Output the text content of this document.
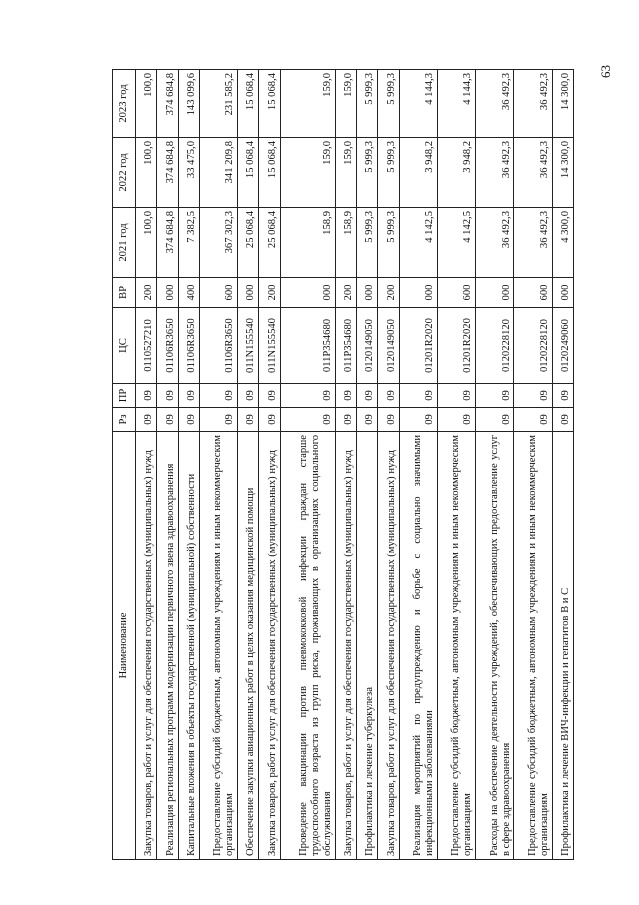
63
Наименование	Рз	ПР	ЦС	ВР	2021 год	2022 год	2023 год
Закупка товаров, работ и услуг для обеспечения государственных (муниципальных) нужд	09	09	0110527210	200	100,0	100,0	100,0
Реализация региональных программ модернизации первичного звена здравоохранения	09	09	01106R3650	000	374 684,8	374 684,8	374 684,8
Капитальные вложения в объекты государственной (муниципальной) собственности	09	09	01106R3650	400	7 382,5	33 475,0	143 099,6
Предоставление субсидий бюджетным, автономным учреждениям и иным некоммерческим организациям	09	09	01106R3650	600	367 302,3	341 209,8	231 585,2
Обеспечение закупки авиационных работ в целях оказания медицинской помощи	09	09	011N155540	000	25 068,4	15 068,4	15 068,4
Закупка товаров, работ и услуг для обеспечения государственных (муниципальных) нужд	09	09	011N155540	200	25 068,4	15 068,4	15 068,4
Проведение вакцинации против пневмококковой инфекции граждан старше трудоспособного возраста из групп риска, проживающих в организациях социального обслуживания	09	09	011P354680	000	158,9	159,0	159,0
Закупка товаров, работ и услуг для обеспечения государственных (муниципальных) нужд	09	09	011P354680	200	158,9	159,0	159,0
Профилактика и лечение туберкулеза	09	09	0120149050	000	5 999,3	5 999,3	5 999,3
Закупка товаров, работ и услуг для обеспечения государственных (муниципальных) нужд	09	09	0120149050	200	5 999,3	5 999,3	5 999,3
Реализация мероприятий по предупреждению и борьбе с социально значимыми инфекционными заболеваниями	09	09	01201R2020	000	4 142,5	3 948,2	4 144,3
Предоставление субсидий бюджетным, автономным учреждениям и иным некоммерческим организациям	09	09	01201R2020	600	4 142,5	3 948,2	4 144,3
Расходы на обеспечение деятельности учреждений, обеспечивающих предоставление услуг в сфере здравоохранения	09	09	0120228120	000	36 492,3	36 492,3	36 492,3
Предоставление субсидий бюджетным, автономным учреждениям и иным некоммерческим организациям	09	09	0120228120	600	36 492,3	36 492,3	36 492,3
Профилактика и лечение ВИЧ-инфекции и гепатитов В и С	09	09	0120249060	000	4 300,0	14 300,0	14 300,0
